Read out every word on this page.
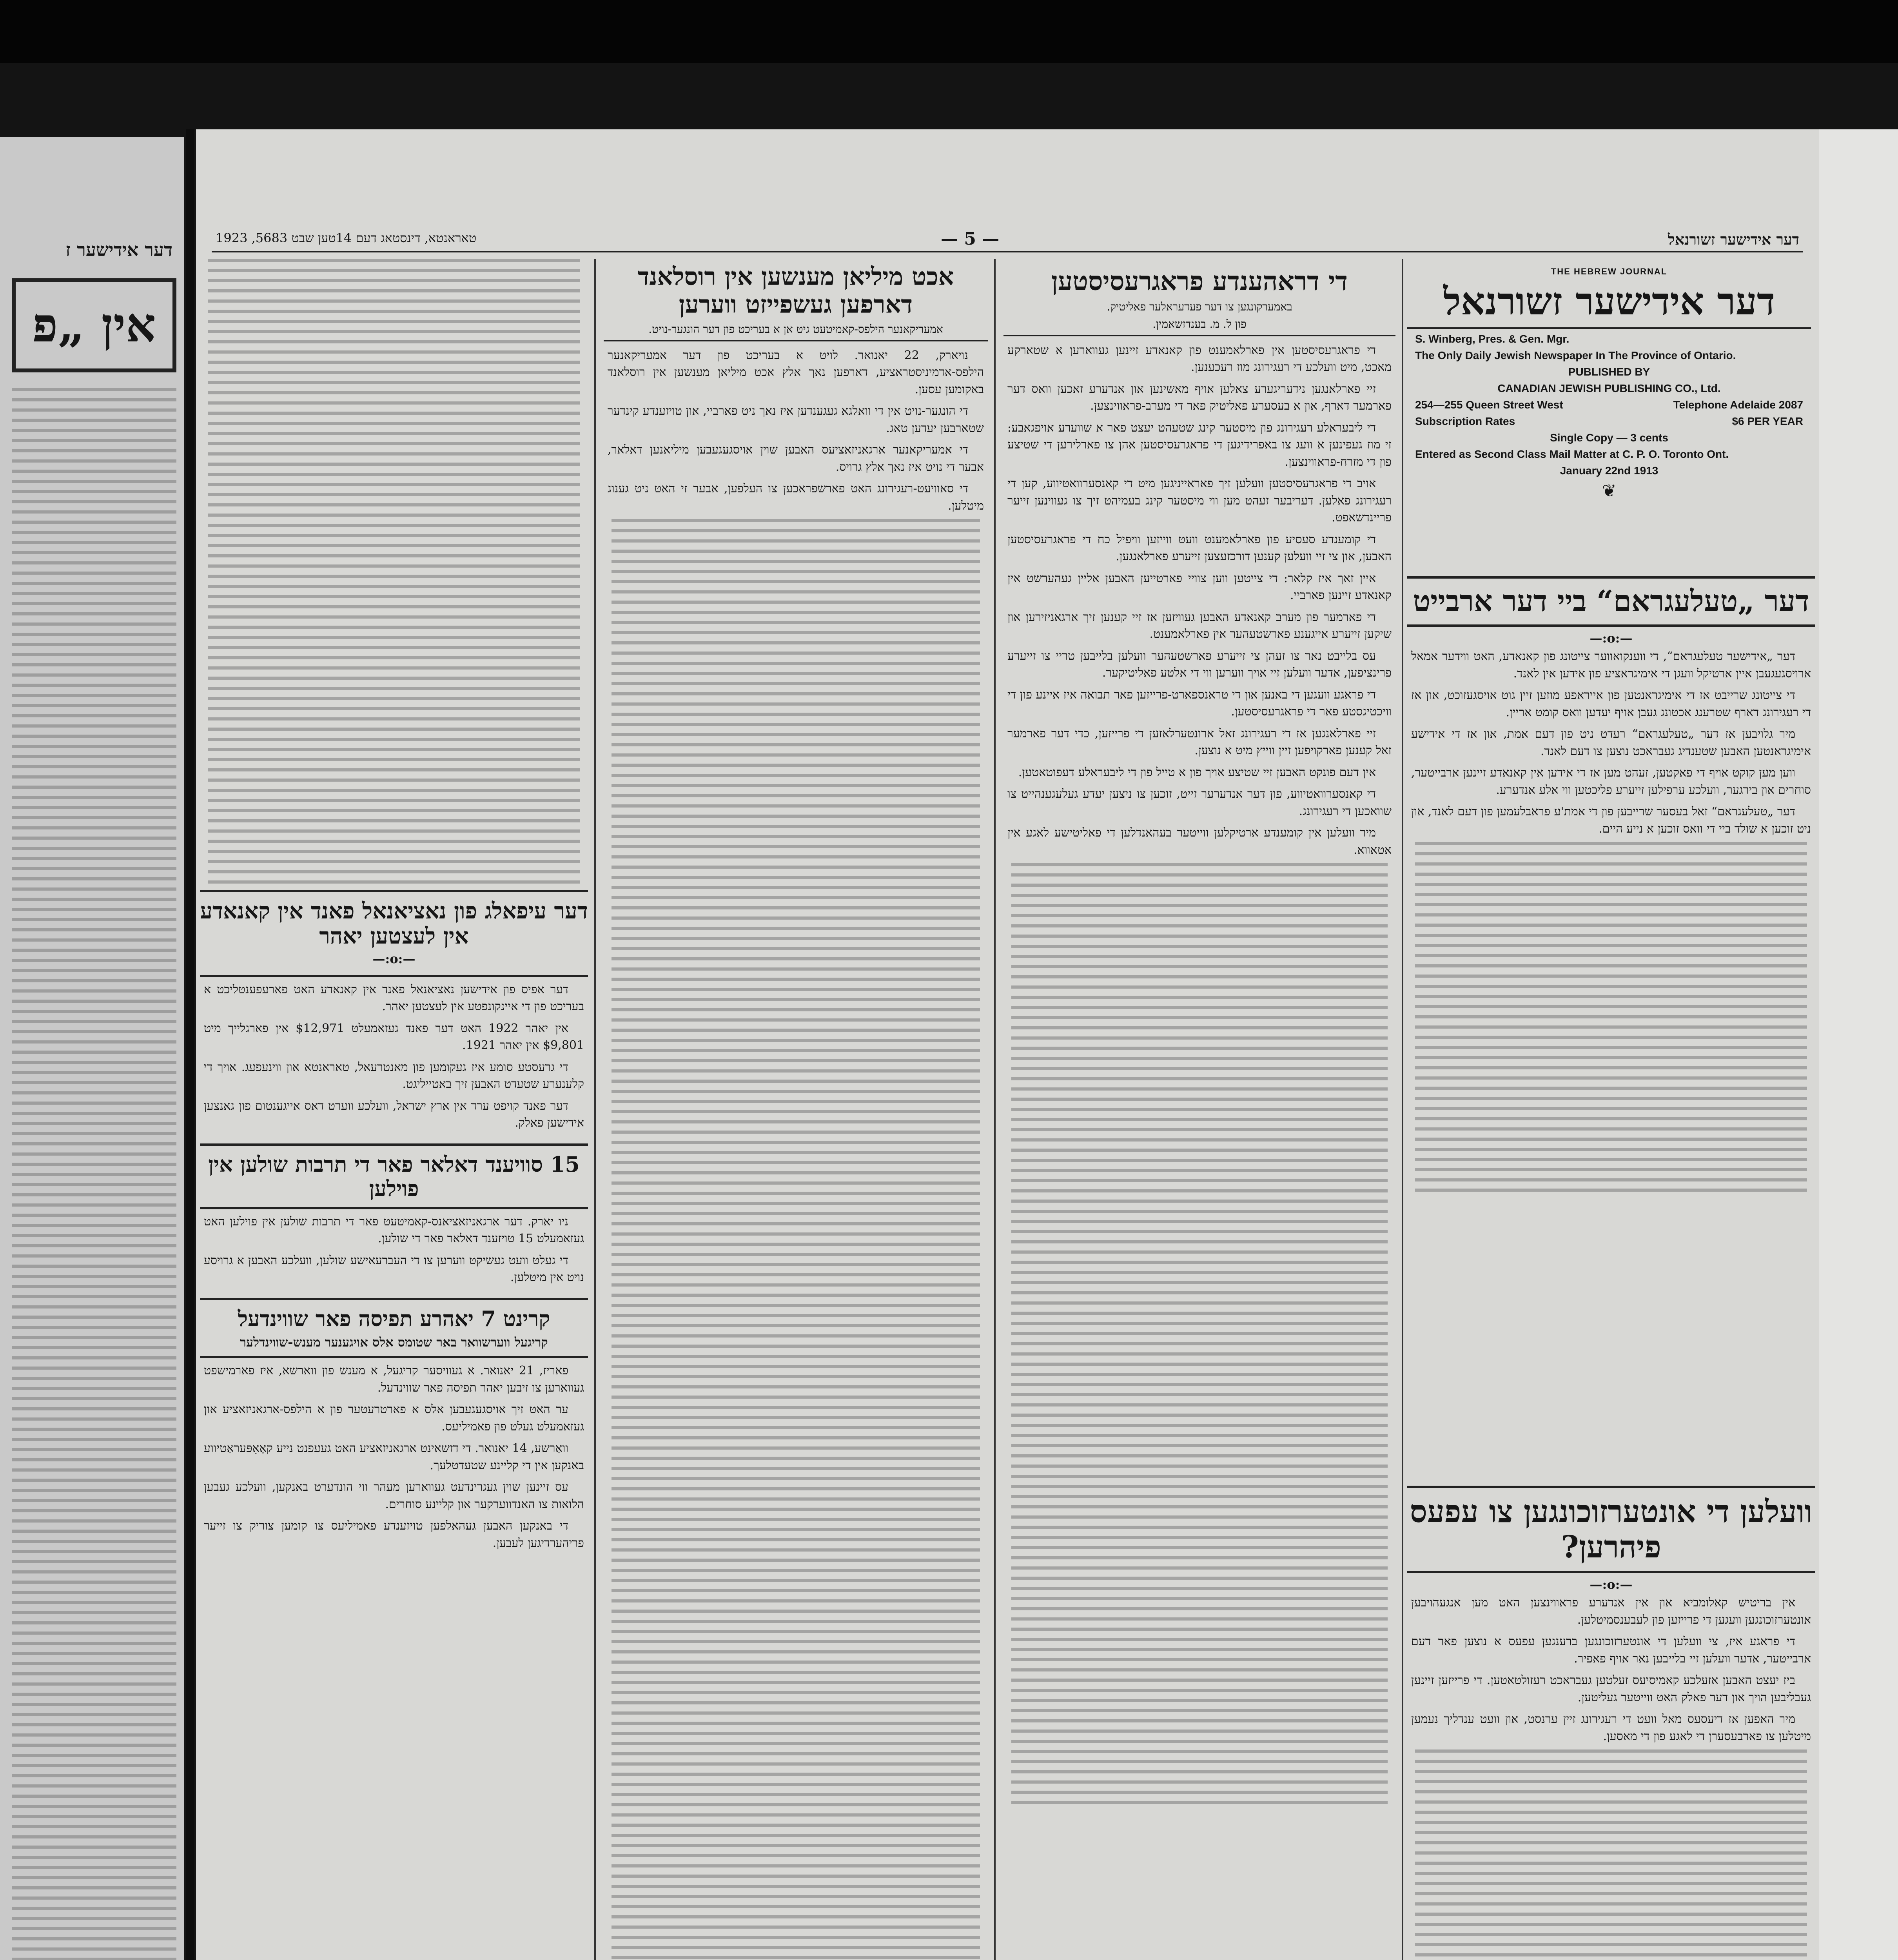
דער אידישער ז
אין „פ
דער אידישער זשורנאל
— 5 —
טאראנטא, דינסטאג דעם 14טען שבט 5683, 1923
THE HEBREW JOURNAL
דער אידישער זשורנאל
S. Winberg, Pres. & Gen. Mgr.
The Only Daily Jewish Newspaper In The Province of Ontario.
PUBLISHED BY
CANADIAN JEWISH PUBLISHING CO., Ltd.
254—255 Queen Street West	Telephone Adelaide 2087
Subscription Rates	$6 PER YEAR
Single Copy — 3 cents
Entered as Second Class Mail Matter at C. P. O. Toronto Ont.
January 22nd 1913
❦
דער „טעלעגראם“ ביי דער ארבייט
—:o:—

דער „אידישער טעלעגראם“, די ווענקואווער צייטונג פון קאנאדע, האט ווידער אמאל ארויסגעגעבן איין ארטיקל וועגן די אימיגראציע פון אידען אין לאנד.

די צייטונג שרייבט אז די אימיגראנטען פון אייראפע מוזען זיין גוט אויסגעזוכט, און אז די רעגירונג דארף שטרענג אכטונג געבן אויף יעדען וואס קומט אריין.

מיר גלויבען אז דער „טעלעגראם“ רעדט ניט פון דעם אמת, און אז די אידישע אימיגראנטען האבען שטענדיג געבראכט נוצען צו דעם לאנד.

ווען מען קוקט אויף די פאקטען, זעהט מען אז די אידען אין קאנאדע זיינען ארבייטער, סוחרים און בירגער, וועלכע ערפילען זייערע פליכטען ווי אלע אנדערע.

דער „טעלעגראם“ זאל בעסער שרייבען פון די אמת'ע פראבלעמען פון דעם לאנד, און ניט זוכען א שולד ביי די וואס זוכען א נייע היים.

וועלען די אונטערזוכונגען צו עפעס פיהרען?
—:o:—

אין בריטיש קאלומביא און אין אנדערע פראווינצען האט מען אנגעהויבען אונטערזוכונגען וועגען די פרייזען פון לעבענסמיטלען.

די פראגע איז, צי וועלען די אונטערזוכונגען ברענגען עפעס א נוצען פאר דעם ארבייטער, אדער וועלען זיי בלייבען נאר אויף פאפיר.

ביז יעצט האבען אזעלכע קאמיסיעס זעלטען געבראכט רעזולטאטען. די פרייזען זיינען געבליבען הויך און דער פאלק האט ווייטער געליטען.

מיר האפען אז דיעסעס מאל וועט די רעגירונג זיין ערנסט, און וועט ענדליך נעמען מיטלען צו פארבעסערן די לאגע פון די מאסען.

די דראהענדע פראגרעסיסטען
באמערקונגען צו דער פעדעראלער פאליטיק.
פון ל. מ. בענדזשאמין.

די פראגרעסיסטען אין פארלאמענט פון קאנאדע זיינען געווארען א שטארקע מאכט, מיט וועלכע די רעגירונג מוז רעכענען.

זיי פארלאנגען נידעריגערע צאלען אויף מאשינען און אנדערע זאכען וואס דער פארמער דארף, און א בעסערע פאליטיק פאר די מערב-פראווינצען.

די ליבעראלע רעגירונג פון מיסטער קינג שטעהט יעצט פאר א שווערע אויפגאבע: זי מוז געפינען א וועג צו באפרידיגען די פראגרעסיסטען אהן צו פארלירען די שטיצע פון די מזרח-פראווינצען.

אויב די פראגרעסיסטען וועלען זיך פאראייניגען מיט די קאנסערוואטיווע, קען די רעגירונג פאלען. דעריבער זעהט מען ווי מיסטער קינג בעמיהט זיך צו געווינען זייער פריינדשאפט.

די קומענדע סעסיע פון פארלאמענט וועט ווייזען וויפיל כח די פראגרעסיסטען האבען, און צי זיי וועלען קענען דורכזעצען זייערע פארלאנגען.

איין זאך איז קלאר: די צייטען ווען צוויי פארטייען האבען אליין געהערשט אין קאנאדע זיינען פארביי.

די פארמער פון מערב קאנאדע האבען געוויזען אז זיי קענען זיך ארגאניזירען און שיקען זייערע אייגענע פארשטעהער אין פארלאמענט.

עס בלייבט נאר צו זעהן צי זייערע פארשטעהער וועלען בלייבען טריי צו זייערע פרינציפען, אדער וועלען זיי אויך ווערען ווי די אלטע פאליטיקער.

די פראגע וועגען די באנען און די טראנספארט-פרייזען פאר תבואה איז איינע פון די וויכטיגסטע פאר די פראגרעסיסטען.

זיי פארלאנגען אז די רעגירונג זאל ארונטערלאזען די פרייזען, כדי דער פארמער זאל קענען פארקויפען זיין ווייץ מיט א נוצען.

אין דעם פונקט האבען זיי שטיצע אויך פון א טייל פון די ליבעראלע דעפוטאטען.

די קאנסערוואטיווע, פון דער אנדערער זייט, זוכען צו ניצען יעדע געלעגענהייט צו שוואכען די רעגירונג.

מיר וועלען אין קומענדע ארטיקלען ווייטער בעהאנדלען די פאליטישע לאגע אין אטאווא.

אכט מיליאן מענשען אין רוסלאנד דארפען געשפייזט ווערען
אמעריקאנער הילפס-קאמיטעט גיט אן א בעריכט פון דער הונגער-נויט.

נויארק, 22 יאנואר. לויט א בעריכט פון דער אמעריקאנער הילפס-אדמיניסטראציע, דארפען נאך אלץ אכט מיליאן מענשען אין רוסלאנד באקומען עסען.

די הונגער-נויט אין די וואלגא געגענדען איז נאך ניט פארביי, און טויזענדע קינדער שטארבען יעדען טאג.

די אמעריקאנער ארגאניזאציעס האבען שוין אויסגעגעבען מיליאנען דאלאר, אבער די נויט איז נאך אלץ גרויס.

די סאוויעט-רעגירונג האט פארשפראכען צו העלפען, אבער זי האט ניט גענוג מיטלען.

דער עיפאלג פון נאציאנאל פאנד אין קאנאדע אין לעצטען יאהר
—:o:—

דער אפיס פון אידישען נאציאנאל פאנד אין קאנאדע האט פארעפענטליכט א בעריכט פון די איינקונפטע אין לעצטען יאהר.

אין יאהר 1922 האט דער פאנד געזאמעלט $12,971 אין פארגלייך מיט $9,801 אין יאהר 1921.

די גרעסטע סומע איז געקומען פון מאנטרעאל, טאראנטא און ווינעפעג. אויך די קלענערע שטעדט האבען זיך באטייליגט.

דער פאנד קויפט ערד אין ארץ ישראל, וועלכע ווערט דאס אייגענטום פון גאנצען אידישען פאלק.

15 סוויענד דאלאר פאר די תרבות שולען אין פוילען

ניו יארק. דער ארגאניזאציאנס-קאמיטעט פאר די תרבות שולען אין פוילען האט געזאמעלט 15 טויזענד דאלאר פאר די שולען.

די געלט וועט געשיקט ווערען צו די העברעאישע שולען, וועלכע האבען א גרויסע נויט אין מיטלען.

קרינט 7 יאהרע תפיסה פאר שווינדעל
קריגעל ווערשוואר באר שטומס אלס אויגענער מענש-שווינדלער

פאריז, 21 יאנואר. א געוויסער קריגעל, א מענש פון ווארשא, איז פארמישפט געווארען צו זיבען יאהר תפיסה פאר שווינדעל.

ער האט זיך אויסגעגעבען אלס א פארטרעטער פון א הילפס-ארגאניזאציע און געזאמעלט געלט פון פאמיליעס.

וואַרשע, 14 יאנואר. די דזשאינט ארגאניזאציע האט געעפנט נייע קאָאָפּעראַטיווע באנקען אין די קליינע שטעדטלעך.

עס זיינען שוין געגרינדעט געווארען מעהר ווי הונדערט באנקען, וועלכע געבען הלואות צו האנדווערקער און קליינע סוחרים.

די באנקען האבען געהאלפען טויזענדע פאמיליעס צו קומען צוריק צו זייער פריהערדיגען לעבען.
